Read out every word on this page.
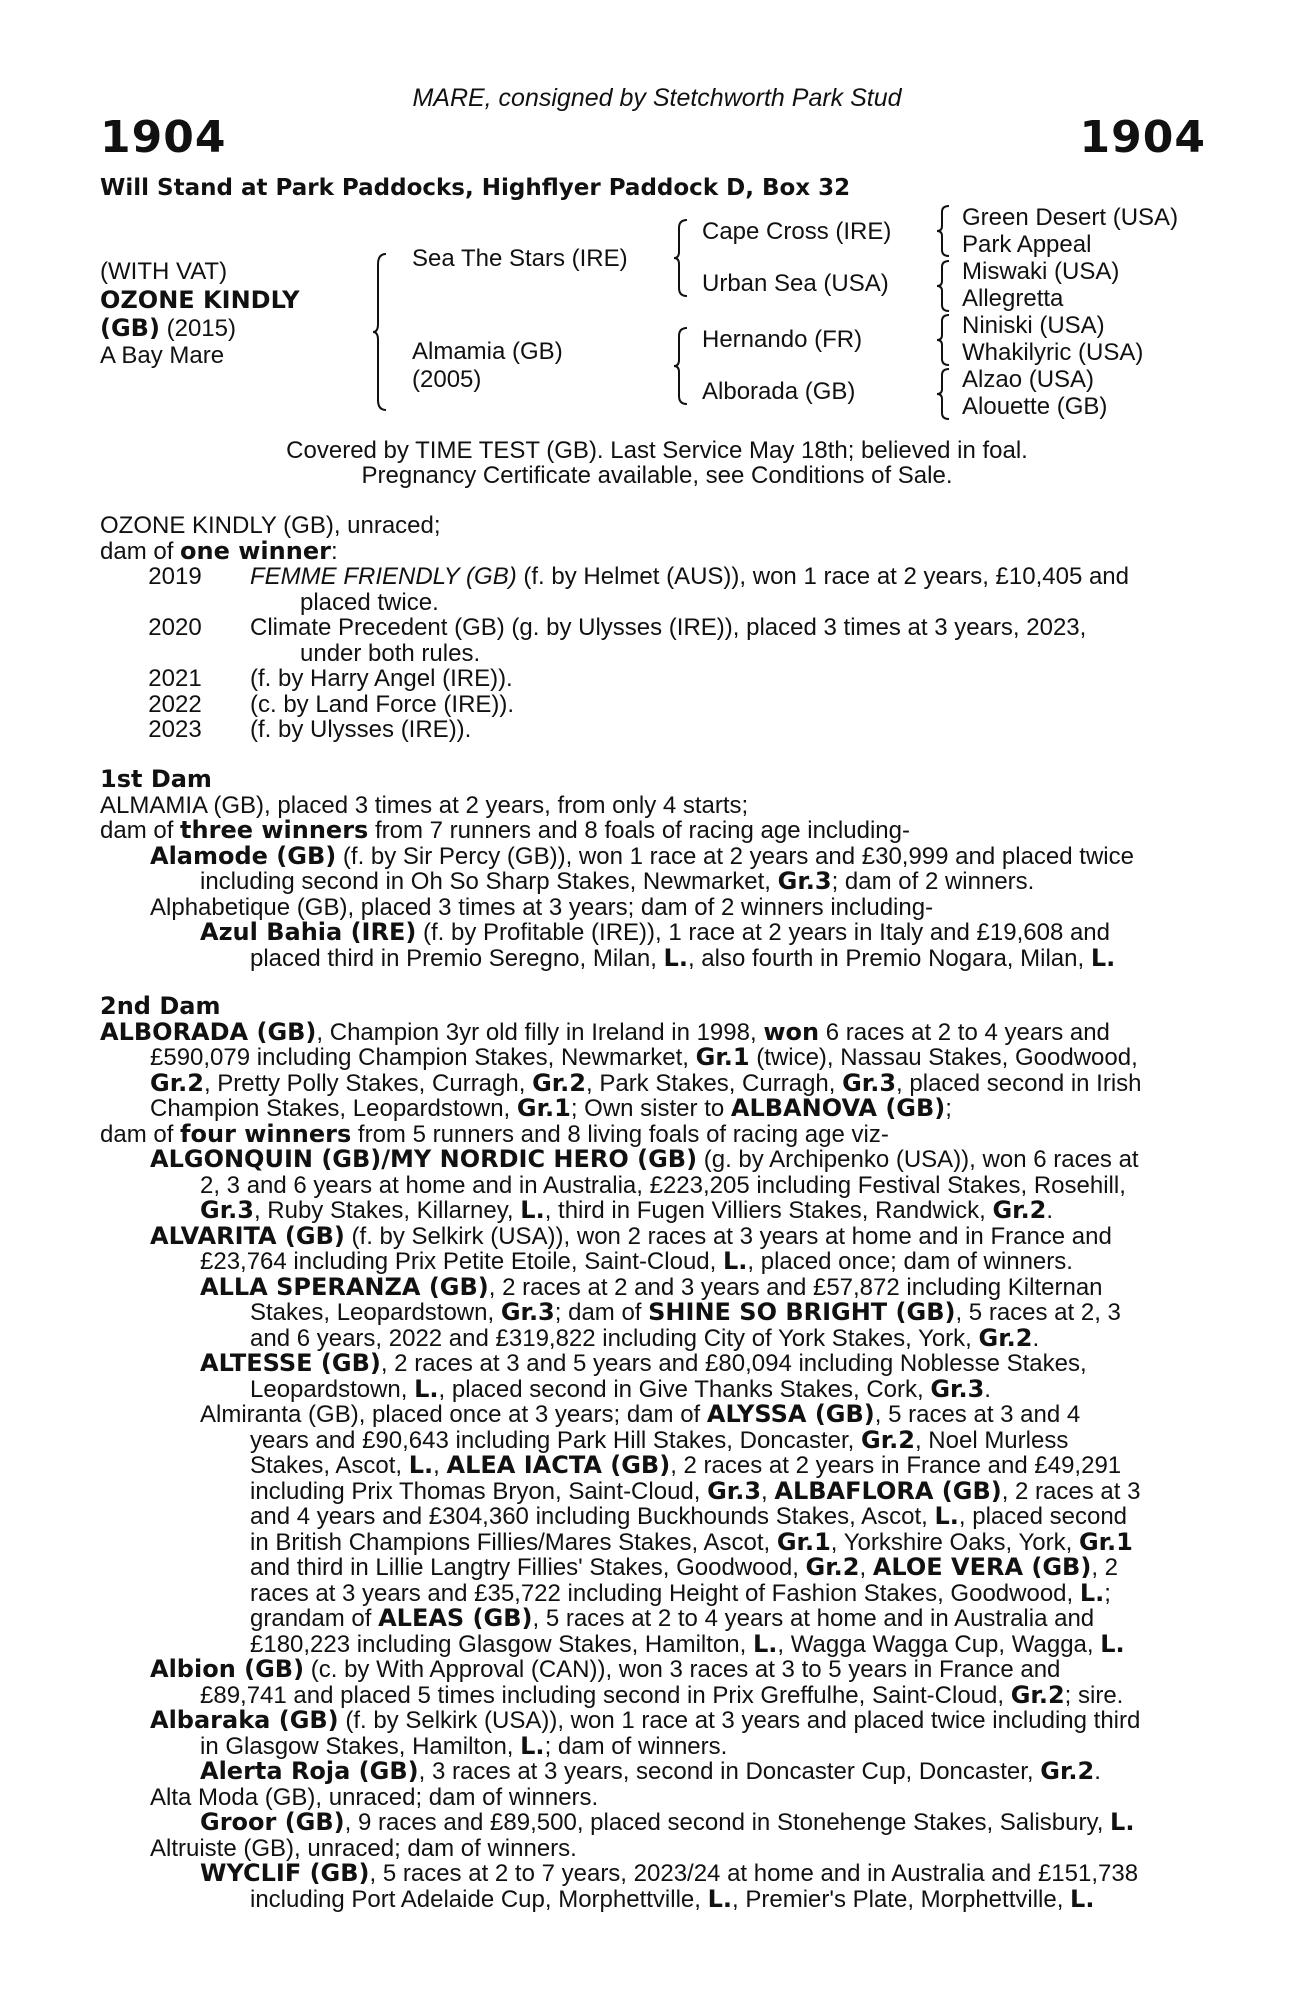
MARE, consigned by Stetchworth Park Stud
1904	1904
Will Stand at Park Paddocks, Highflyer Paddock D, Box 32
(WITH VAT)
OZONE KINDLY
(GB) (2015)
A Bay Mare
Sea The Stars (IRE)
Almamia (GB)
(2005)
Cape Cross (IRE)
Urban Sea (USA)
Hernando (FR)
Alborada (GB)
Green Desert (USA)
Park Appeal
Miswaki (USA)
Allegretta
Niniski (USA)
Whakilyric (USA)
Alzao (USA)
Alouette (GB)
Covered by TIME TEST (GB). Last Service May 18th; believed in foal.
Pregnancy Certificate available, see Conditions of Sale.
OZONE KINDLY (GB), unraced;
dam of one winner:
2019	FEMME FRIENDLY (GB) (f. by Helmet (AUS)), won 1 race at 2 years, £10,405 and
placed twice.
2020	Climate Precedent (GB) (g. by Ulysses (IRE)), placed 3 times at 3 years, 2023,
under both rules.
2021	(f. by Harry Angel (IRE)).
2022	(c. by Land Force (IRE)).
2023	(f. by Ulysses (IRE)).
1st Dam
ALMAMIA (GB), placed 3 times at 2 years, from only 4 starts;
dam of three winners from 7 runners and 8 foals of racing age including-
Alamode (GB) (f. by Sir Percy (GB)), won 1 race at 2 years and £30,999 and placed twice
including second in Oh So Sharp Stakes, Newmarket, Gr.3; dam of 2 winners.
Alphabetique (GB), placed 3 times at 3 years; dam of 2 winners including-
Azul Bahia (IRE) (f. by Profitable (IRE)), 1 race at 2 years in Italy and £19,608 and
placed third in Premio Seregno, Milan, L., also fourth in Premio Nogara, Milan, L.
2nd Dam
ALBORADA (GB), Champion 3yr old filly in Ireland in 1998, won 6 races at 2 to 4 years and
£590,079 including Champion Stakes, Newmarket, Gr.1 (twice), Nassau Stakes, Goodwood,
Gr.2, Pretty Polly Stakes, Curragh, Gr.2, Park Stakes, Curragh, Gr.3, placed second in Irish
Champion Stakes, Leopardstown, Gr.1; Own sister to ALBANOVA (GB);
dam of four winners from 5 runners and 8 living foals of racing age viz-
ALGONQUIN (GB)/MY NORDIC HERO (GB) (g. by Archipenko (USA)), won 6 races at
2, 3 and 6 years at home and in Australia, £223,205 including Festival Stakes, Rosehill,
Gr.3, Ruby Stakes, Killarney, L., third in Fugen Villiers Stakes, Randwick, Gr.2.
ALVARITA (GB) (f. by Selkirk (USA)), won 2 races at 3 years at home and in France and
£23,764 including Prix Petite Etoile, Saint-Cloud, L., placed once; dam of winners.
ALLA SPERANZA (GB), 2 races at 2 and 3 years and £57,872 including Kilternan
Stakes, Leopardstown, Gr.3; dam of SHINE SO BRIGHT (GB), 5 races at 2, 3
and 6 years, 2022 and £319,822 including City of York Stakes, York, Gr.2.
ALTESSE (GB), 2 races at 3 and 5 years and £80,094 including Noblesse Stakes,
Leopardstown, L., placed second in Give Thanks Stakes, Cork, Gr.3.
Almiranta (GB), placed once at 3 years; dam of ALYSSA (GB), 5 races at 3 and 4
years and £90,643 including Park Hill Stakes, Doncaster, Gr.2, Noel Murless
Stakes, Ascot, L., ALEA IACTA (GB), 2 races at 2 years in France and £49,291
including Prix Thomas Bryon, Saint-Cloud, Gr.3, ALBAFLORA (GB), 2 races at 3
and 4 years and £304,360 including Buckhounds Stakes, Ascot, L., placed second
in British Champions Fillies/Mares Stakes, Ascot, Gr.1, Yorkshire Oaks, York, Gr.1
and third in Lillie Langtry Fillies' Stakes, Goodwood, Gr.2, ALOE VERA (GB), 2
races at 3 years and £35,722 including Height of Fashion Stakes, Goodwood, L.;
grandam of ALEAS (GB), 5 races at 2 to 4 years at home and in Australia and
£180,223 including Glasgow Stakes, Hamilton, L., Wagga Wagga Cup, Wagga, L.
Albion (GB) (c. by With Approval (CAN)), won 3 races at 3 to 5 years in France and
£89,741 and placed 5 times including second in Prix Greffulhe, Saint-Cloud, Gr.2; sire.
Albaraka (GB) (f. by Selkirk (USA)), won 1 race at 3 years and placed twice including third
in Glasgow Stakes, Hamilton, L.; dam of winners.
Alerta Roja (GB), 3 races at 3 years, second in Doncaster Cup, Doncaster, Gr.2.
Alta Moda (GB), unraced; dam of winners.
Groor (GB), 9 races and £89,500, placed second in Stonehenge Stakes, Salisbury, L.
Altruiste (GB), unraced; dam of winners.
WYCLIF (GB), 5 races at 2 to 7 years, 2023/24 at home and in Australia and £151,738
including Port Adelaide Cup, Morphettville, L., Premier's Plate, Morphettville, L.
